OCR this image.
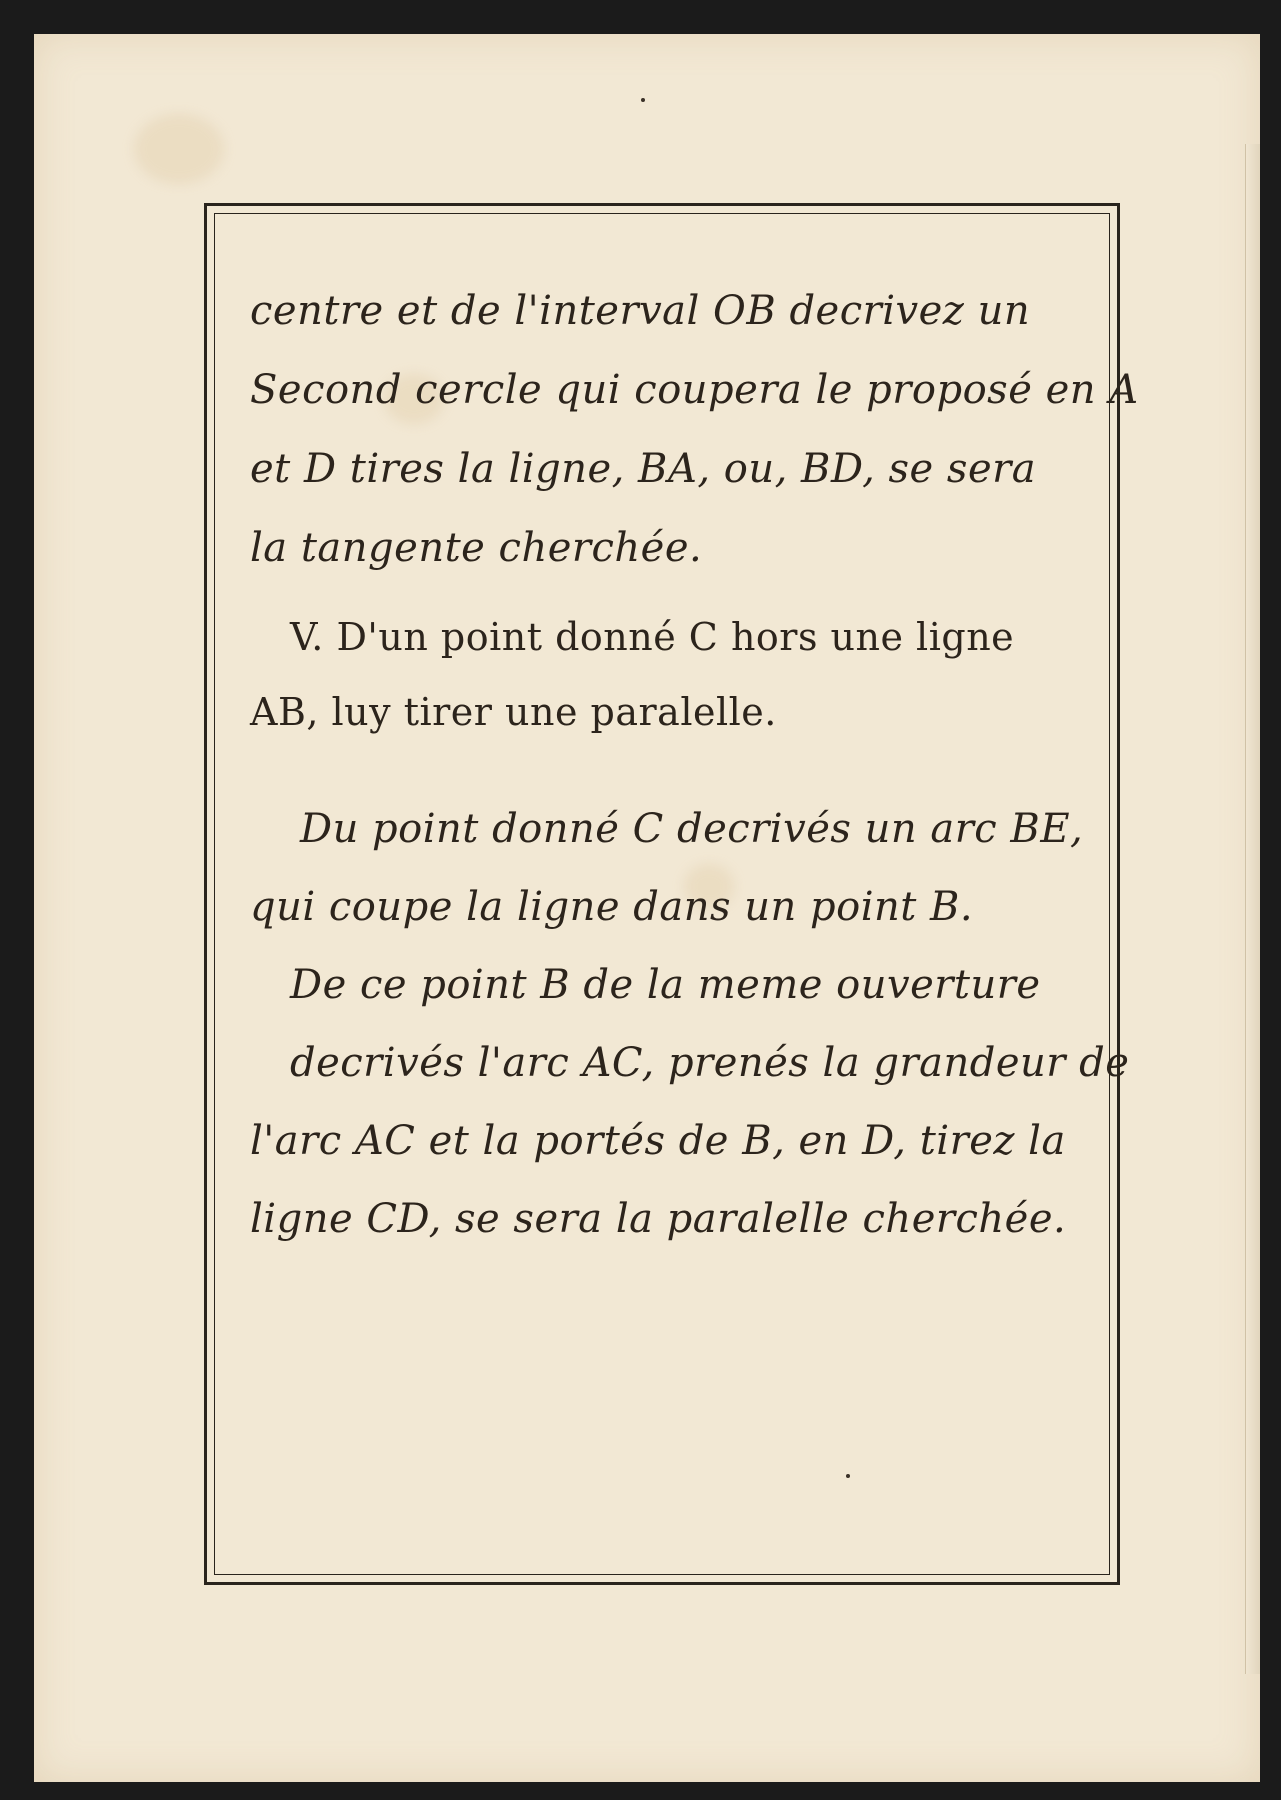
centre et de l'interval OB decrivez un
Second cercle qui coupera le proposé en A
et D tires la ligne, BA, ou, BD, se sera
la tangente cherchée.
V. D'un point donné C hors une ligne
AB, luy tirer une paralelle.
Du point donné C decrivés un arc BE,
qui coupe la ligne dans un point B.
De ce point B de la meme ouverture
decrivés l'arc AC, prenés la grandeur de
l'arc AC et la portés de B, en D, tirez la
ligne CD, se sera la paralelle cherchée.
